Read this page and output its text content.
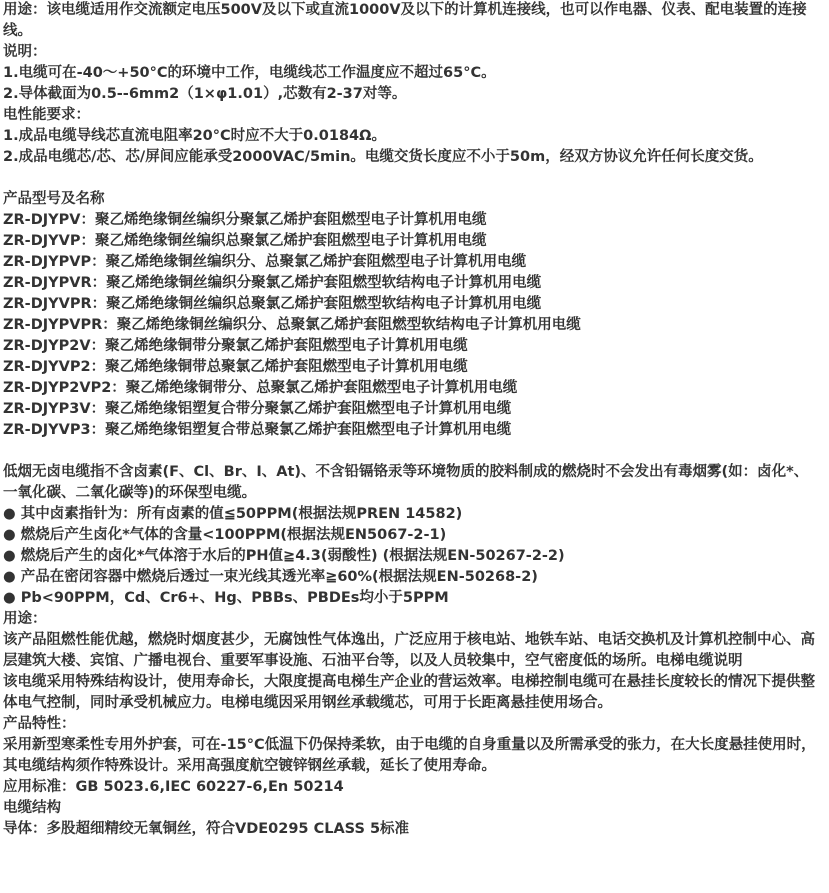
用途：该电缆适用作交流额定电压500V及以下或直流1000V及以下的计算机连接线，也可以作电器、仪表、配电装置的连接线。
说明：
1.电缆可在-40～+50°C的环境中工作，电缆线芯工作温度应不超过65°C。
2.导体截面为0.5--6mm2（1×φ1.01）,芯数有2-37对等。
电性能要求：
1.成品电缆导线芯直流电阻率20°C时应不大于0.0184Ω。
2.成品电缆芯/芯、芯/屏间应能承受2000VAC/5min。电缆交货长度应不小于50m，经双方协议允许任何长度交货。
产品型号及名称
ZR-DJYPV：聚乙烯绝缘铜丝编织分聚氯乙烯护套阻燃型电子计算机用电缆
ZR-DJYVP：聚乙烯绝缘铜丝编织总聚氯乙烯护套阻燃型电子计算机用电缆
ZR-DJYPVP：聚乙烯绝缘铜丝编织分、总聚氯乙烯护套阻燃型电子计算机用电缆
ZR-DJYPVR：聚乙烯绝缘铜丝编织分聚氯乙烯护套阻燃型软结构电子计算机用电缆
ZR-DJYVPR：聚乙烯绝缘铜丝编织总聚氯乙烯护套阻燃型软结构电子计算机用电缆
ZR-DJYPVPR：聚乙烯绝缘铜丝编织分、总聚氯乙烯护套阻燃型软结构电子计算机用电缆
ZR-DJYP2V：聚乙烯绝缘铜带分聚氯乙烯护套阻燃型电子计算机用电缆
ZR-DJYVP2：聚乙烯绝缘铜带总聚氯乙烯护套阻燃型电子计算机用电缆
ZR-DJYP2VP2：聚乙烯绝缘铜带分、总聚氯乙烯护套阻燃型电子计算机用电缆
ZR-DJYP3V：聚乙烯绝缘铝塑复合带分聚氯乙烯护套阻燃型电子计算机用电缆
ZR-DJYVP3：聚乙烯绝缘铝塑复合带总聚氯乙烯护套阻燃型电子计算机用电缆
低烟无卤电缆指不含卤素(F、Cl、Br、I、At)、不含铅镉铬汞等环境物质的胶料制成的燃烧时不会发出有毒烟雾(如：卤化*、一氧化碳、二氧化碳等)的环保型电缆。
● 其中卤素指针为：所有卤素的值≦50PPM(根据法规PREN 14582)
● 燃烧后产生卤化*气体的含量<100PPM(根据法规EN5067-2-1)
● 燃烧后产生的卤化*气体溶于水后的PH值≧4.3(弱酸性) (根据法规EN-50267-2-2)
● 产品在密闭容器中燃烧后透过一束光线其透光率≧60%(根据法规EN-50268-2)
● Pb<90PPM，Cd、Cr6+、Hg、PBBs、PBDEs均小于5PPM
用途：
该产品阻燃性能优越，燃烧时烟度甚少，无腐蚀性气体逸出，广泛应用于核电站、地铁车站、电话交换机及计算机控制中心、高层建筑大楼、宾馆、广播电视台、重要军事设施、石油平台等，以及人员较集中，空气密度低的场所。电梯电缆说明
该电缆采用特殊结构设计，使用寿命长，大限度提高电梯生产企业的营运效率。电梯控制电缆可在悬挂长度较长的情况下提供整体电气控制，同时承受机械应力。电梯电缆因采用钢丝承载缆芯，可用于长距离悬挂使用场合。
产品特性：
采用新型寒柔性专用外护套，可在-15°C低温下仍保持柔软，由于电缆的自身重量以及所需承受的张力，在大长度悬挂使用时，其电缆结构须作特殊设计。采用高强度航空镀锌钢丝承载，延长了使用寿命。
应用标准：GB 5023.6,IEC 60227-6,En 50214
电缆结构
导体：多股超细精绞无氧铜丝，符合VDE0295 CLASS 5标准
